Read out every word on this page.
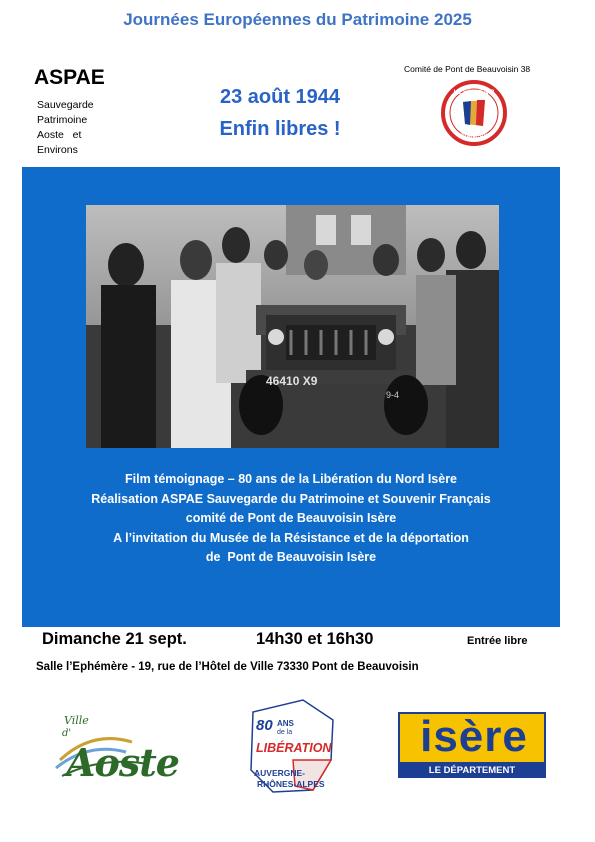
Journées Européennes du Patrimoine 2025
ASPAE
Sauvegarde
Patrimoine
Aoste   et
Environs
23 août 1944
Enfin libres !
Comité de Pont de Beauvoisin 38
LE SOUVENIR
FRANÇAIS
46410 X9
9-4
Film témoignage – 80 ans de la Libération du Nord Isère
Réalisation ASPAE Sauvegarde du Patrimoine et Souvenir Français
comité de Pont de Beauvoisin Isère
A l’invitation du Musée de la Résistance et de la déportation
de  Pont de Beauvoisin Isère
Dimanche 21 sept.	14h30 et 16h30	Entrée libre
Salle l’Ephémère - 19, rue de l’Hôtel de Ville 73330 Pont de Beauvoisin
Ville
d'
Aoste
80 ANS
de la
LIBÉRATION
AUVERGNE-
RHÔNES-ALPES
isère
LE DÉPARTEMENT
